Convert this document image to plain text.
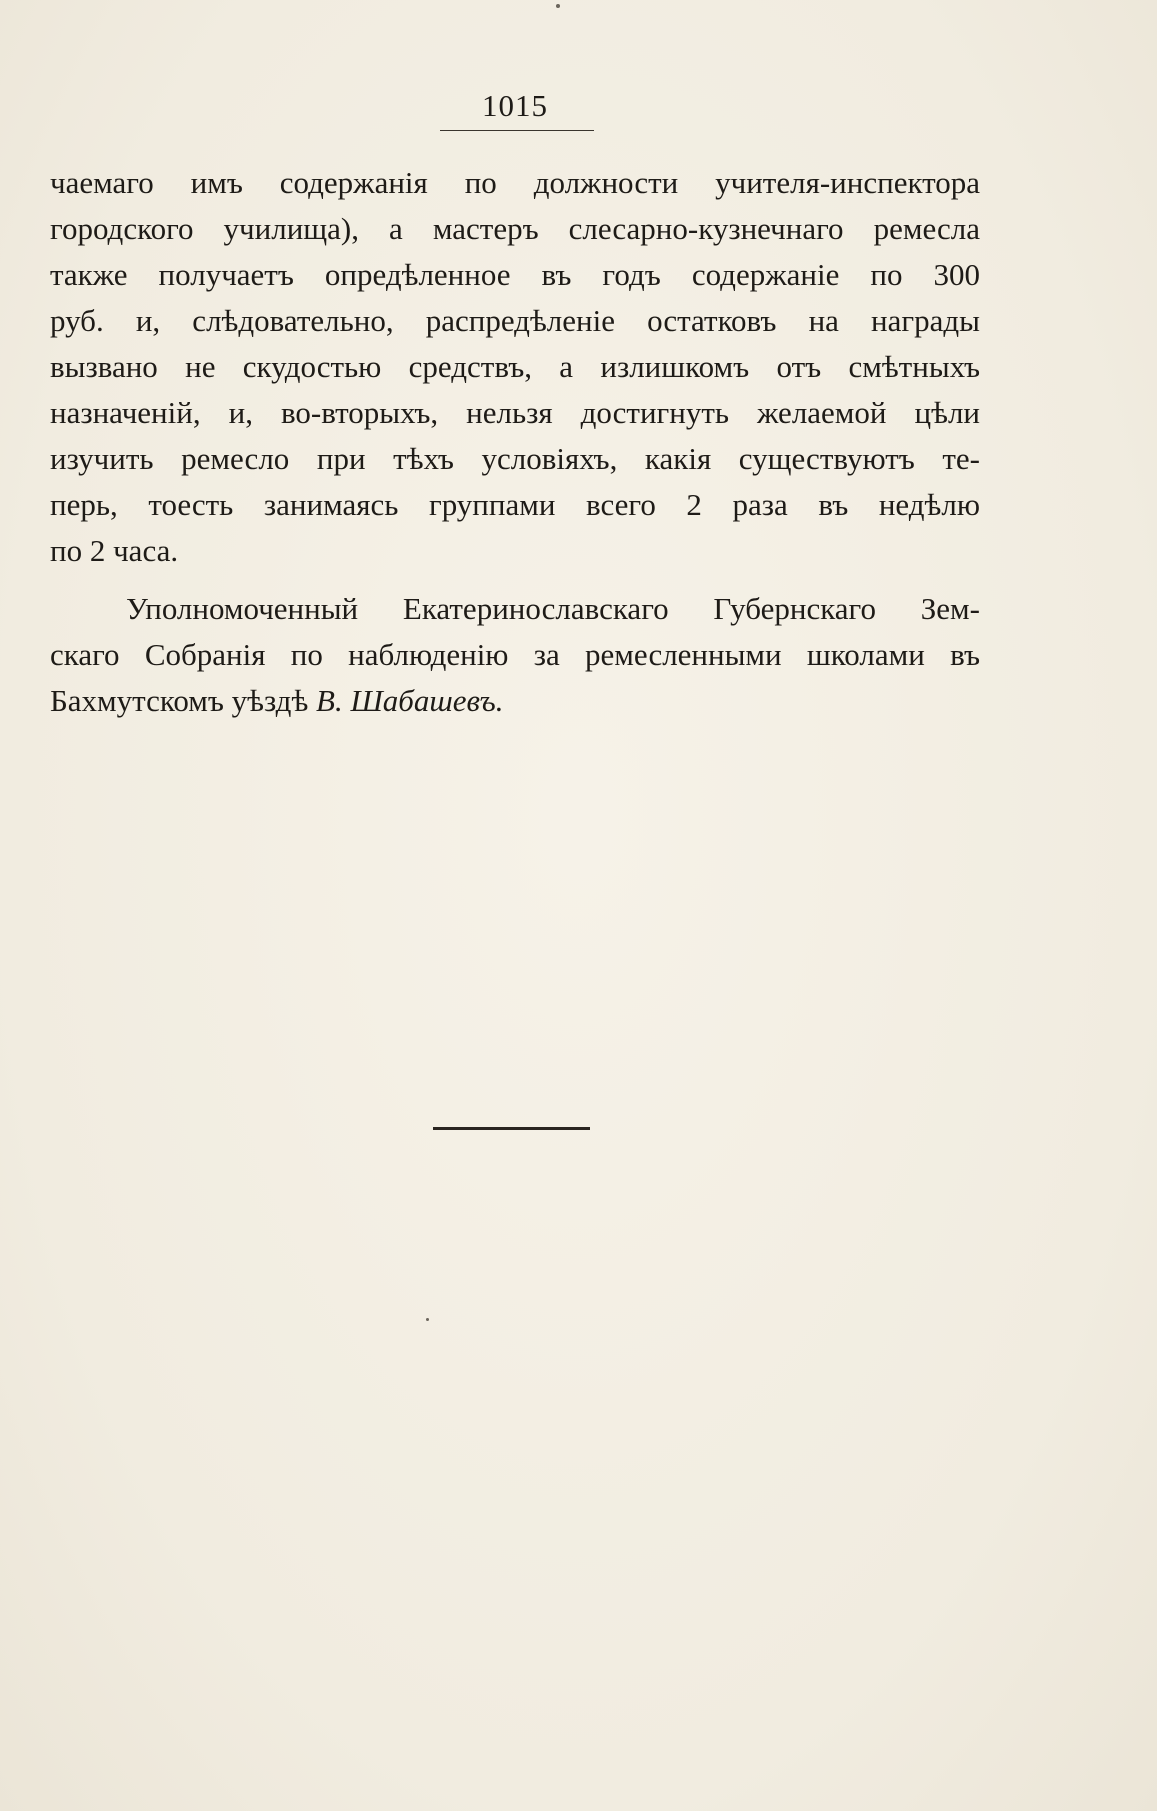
1015
чаемаго имъ содержанія по должности учителя-инспектора
городского училища), а мастеръ слесарно-кузнечнаго ремесла
также получаетъ опредѣленное въ годъ содержаніе по 300
руб. и, слѣдовательно, распредѣленіе остатковъ на награды
вызвано не скудостью средствъ, а излишкомъ отъ смѣтныхъ
назначеній, и, во-вторыхъ, нельзя достигнуть желаемой цѣли
изучить ремесло при тѣхъ условіяхъ, какія существуютъ те-
перь, тоесть занимаясь группами всего 2 раза въ недѣлю
по 2 часа.
Уполномоченный Екатеринославскаго Губернскаго Зем-
скаго Собранія по наблюденію за ремесленными школами въ
Бахмутскомъ уѣздѣ В. Шабашевъ.
